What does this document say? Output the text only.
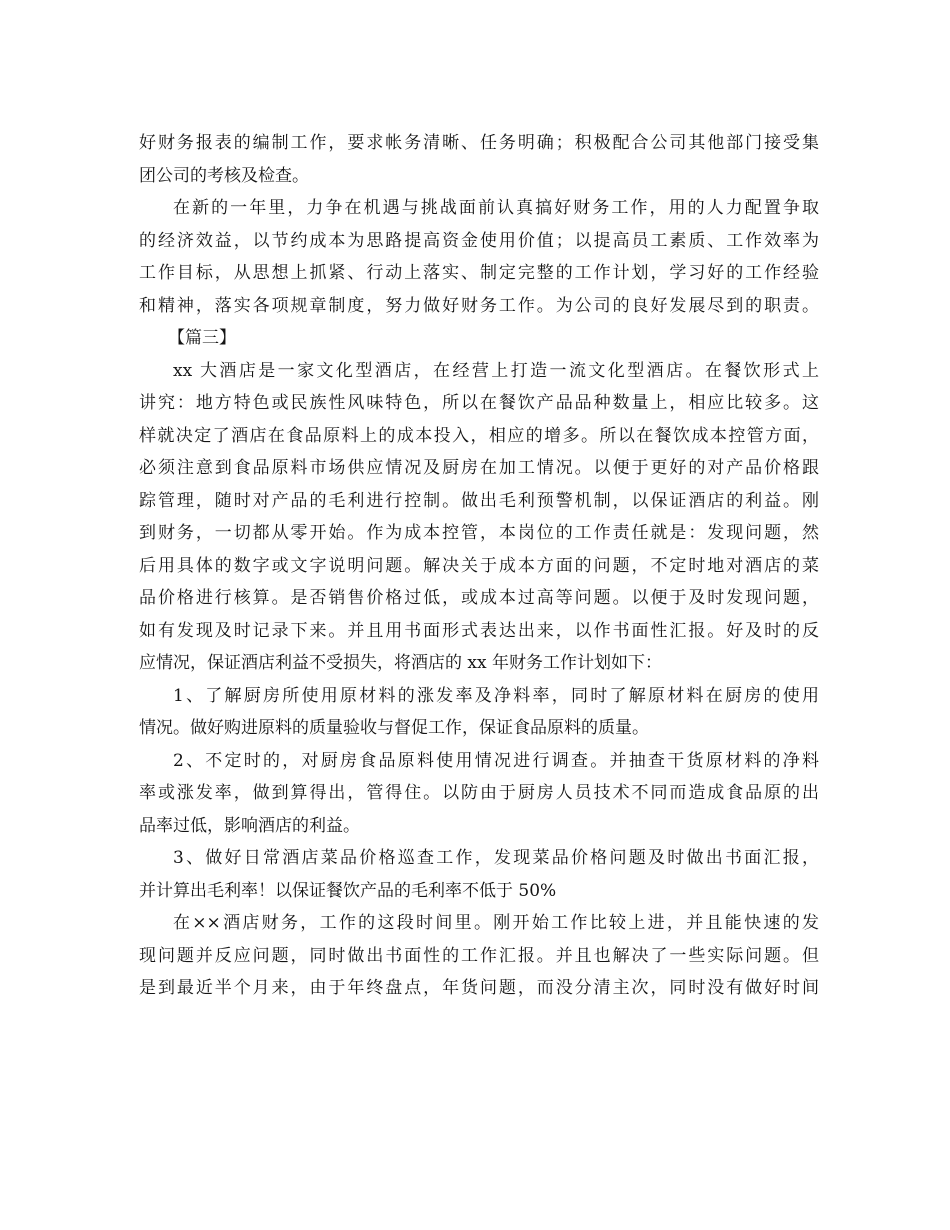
好财务报表的编制工作，要求帐务清晰、任务明确；积极配合公司其他部门接受集
团公司的考核及检查。
在新的一年里，力争在机遇与挑战面前认真搞好财务工作，用的人力配置争取
的经济效益，以节约成本为思路提高资金使用价值；以提高员工素质、工作效率为
工作目标，从思想上抓紧、行动上落实、制定完整的工作计划，学习好的工作经验
和精神，落实各项规章制度，努力做好财务工作。为公司的良好发展尽到的职责。
【篇三】
xx 大酒店是一家文化型酒店，在经营上打造一流文化型酒店。在餐饮形式上
讲究：地方特色或民族性风味特色，所以在餐饮产品品种数量上，相应比较多。这
样就决定了酒店在食品原料上的成本投入，相应的增多。所以在餐饮成本控管方面，
必须注意到食品原料市场供应情况及厨房在加工情况。以便于更好的对产品价格跟
踪管理，随时对产品的毛利进行控制。做出毛利预警机制，以保证酒店的利益。刚
到财务，一切都从零开始。作为成本控管，本岗位的工作责任就是：发现问题，然
后用具体的数字或文字说明问题。解决关于成本方面的问题，不定时地对酒店的菜
品价格进行核算。是否销售价格过低，或成本过高等问题。以便于及时发现问题，
如有发现及时记录下来。并且用书面形式表达出来，以作书面性汇报。好及时的反
应情况，保证酒店利益不受损失，将酒店的 xx 年财务工作计划如下：
1、了解厨房所使用原材料的涨发率及净料率，同时了解原材料在厨房的使用
情况。做好购进原料的质量验收与督促工作，保证食品原料的质量。
2、不定时的，对厨房食品原料使用情况进行调查。并抽查干货原材料的净料
率或涨发率，做到算得出，管得住。以防由于厨房人员技术不同而造成食品原的出
品率过低，影响酒店的利益。
3、做好日常酒店菜品价格巡查工作，发现菜品价格问题及时做出书面汇报，
并计算出毛利率！以保证餐饮产品的毛利率不低于 50%
在××酒店财务，工作的这段时间里。刚开始工作比较上进，并且能快速的发
现问题并反应问题，同时做出书面性的工作汇报。并且也解决了一些实际问题。但
是到最近半个月来，由于年终盘点，年货问题，而没分清主次，同时没有做好时间
